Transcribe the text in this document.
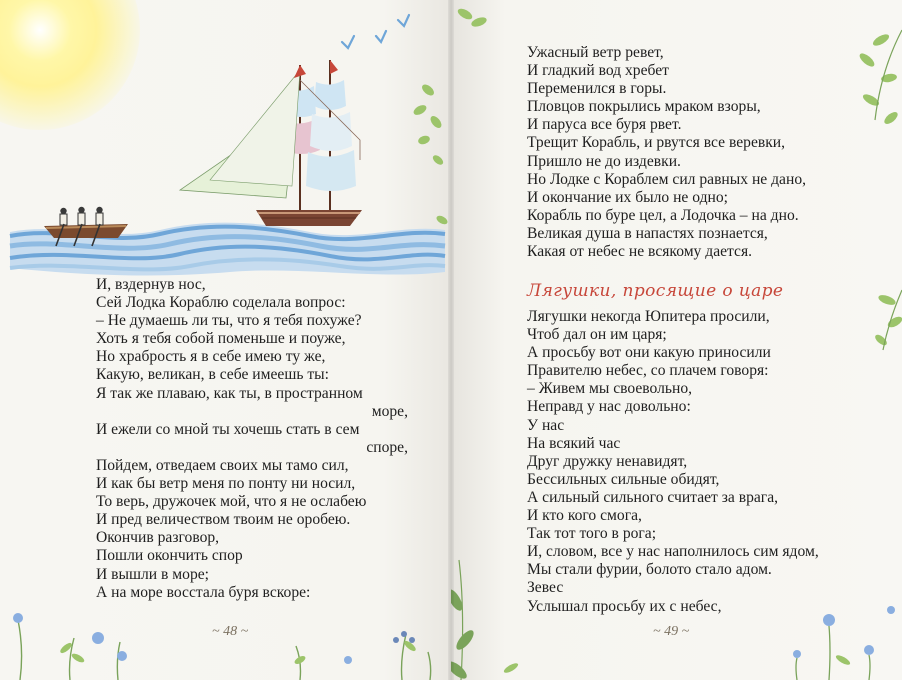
И, вздернув нос,
Сей Лодка Кораблю соделала вопрос:
– Не думаешь ли ты, что я тебя похуже?
Хоть я тебя собой поменьше и поуже,
Но храбрость я в себе имею ту же,
Какую, великан, в себе имеешь ты:
Я так же плаваю, как ты, в пространном
море,
И ежели со мной ты хочешь стать в сем
споре,
Пойдем, отведаем своих мы тамо сил,
И как бы ветр меня по понту ни носил,
То верь, дружочек мой, что я не ослабею
И пред величеством твоим не оробею.
Окончив разговор,
Пошли окончить спор
И вышли в море;
А на море восстала буря вскоре:
~ 48 ~	~ 49 ~
Ужасный ветр ревет,
И гладкий вод хребет
Переменился в горы.
Пловцов покрылись мраком взоры,
И паруса все буря рвет.
Трещит Корабль, и рвутся все веревки,
Пришло не до издевки.
Но Лодке с Кораблем сил равных не дано,
И окончание их было не одно;
Корабль по буре цел, а Лодочка – на дно.
Великая душа в напастях познается,
Какая от небес не всякому дается.
Лягушки, просящие о царе
Лягушки некогда Юпитера просили,
Чтоб дал он им царя;
А просьбу вот они какую приносили
Правителю небес, со плачем говоря:
– Живем мы своевольно,
Неправд у нас довольно:
У нас
На всякий час
Друг дружку ненавидят,
Бессильных сильные обидят,
А сильный сильного считает за врага,
И кто кого смога,
Так тот того в рога;
И, словом, все у нас наполнилось сим ядом,
Мы стали фурии, болото стало адом.
Зевес
Услышал просьбу их с небес,
